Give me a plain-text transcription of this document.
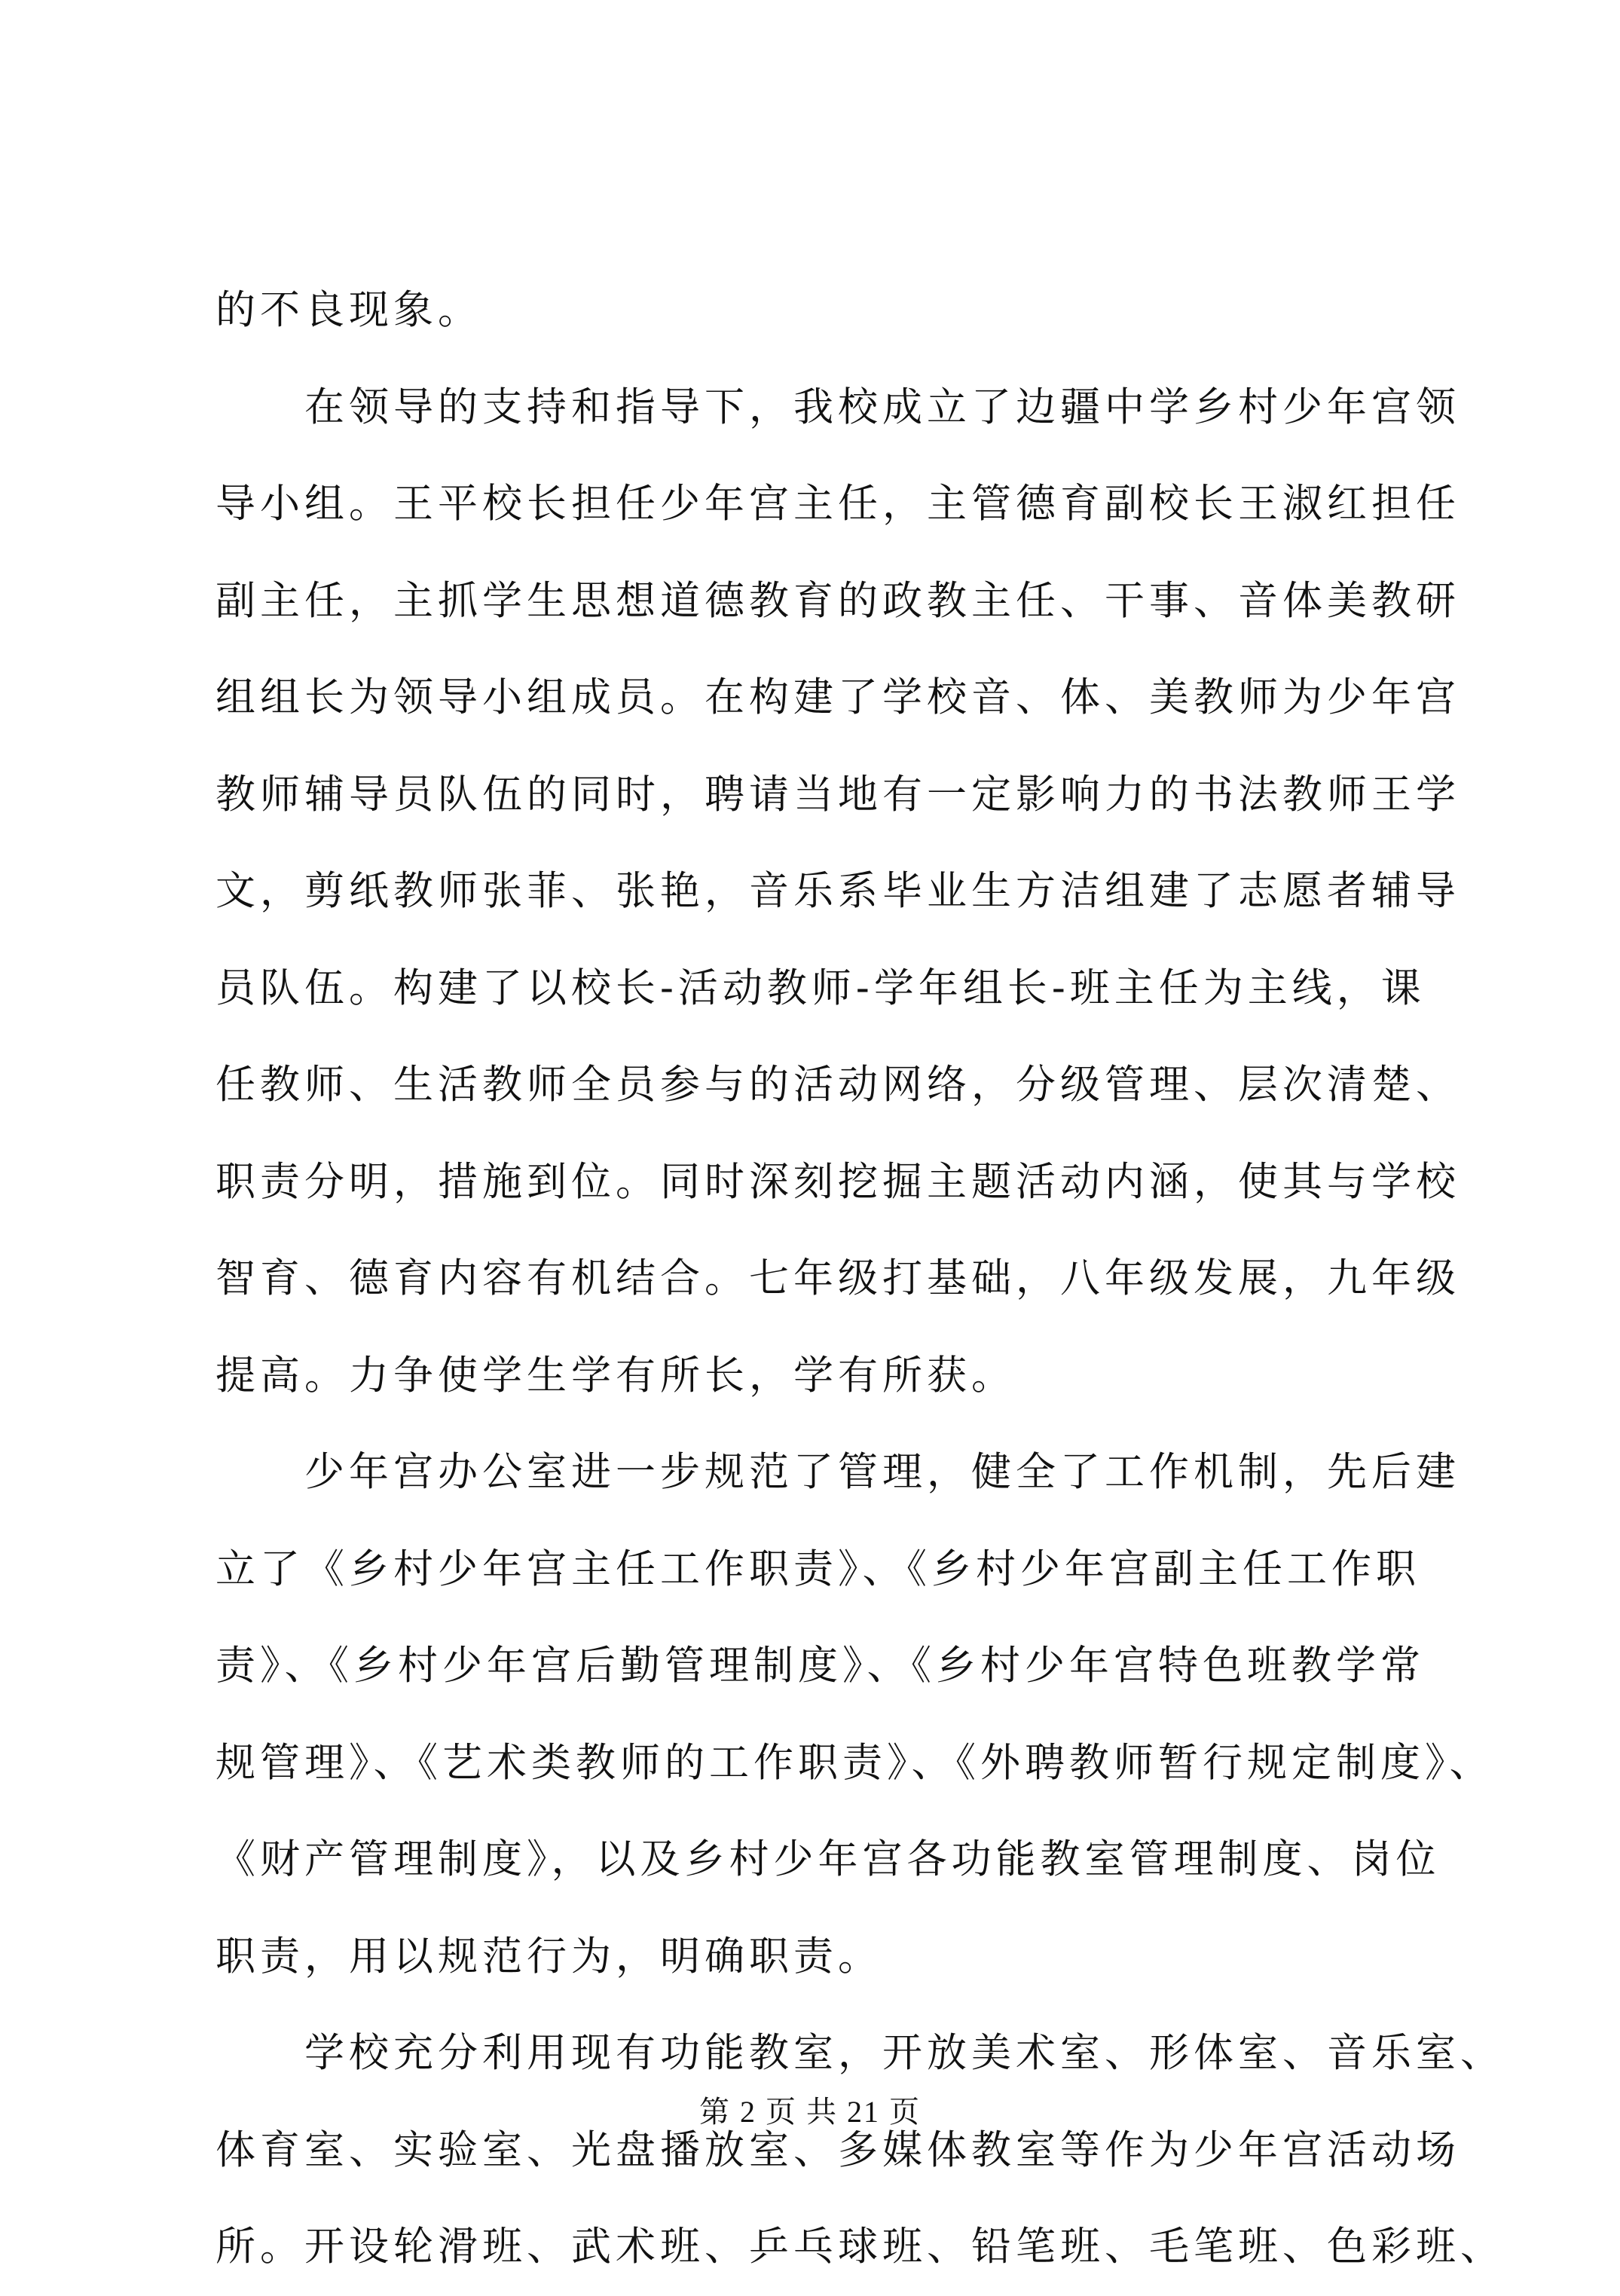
的不良现象。
　　在领导的支持和指导下，我校成立了边疆中学乡村少年宫领
导小组。王平校长担任少年宫主任，主管德育副校长王淑红担任
副主任，主抓学生思想道德教育的政教主任、干事、音体美教研
组组长为领导小组成员。在构建了学校音、体、美教师为少年宫
教师辅导员队伍的同时，聘请当地有一定影响力的书法教师王学
文，剪纸教师张菲、张艳，音乐系毕业生方洁组建了志愿者辅导
员队伍。构建了以校长-活动教师-学年组长-班主任为主线，课
任教师、生活教师全员参与的活动网络，分级管理、层次清楚、
职责分明，措施到位。同时深刻挖掘主题活动内涵，使其与学校
智育、德育内容有机结合。七年级打基础，八年级发展，九年级
提高。力争使学生学有所长，学有所获。
　　少年宫办公室进一步规范了管理，健全了工作机制，先后建
立了《乡村少年宫主任工作职责》、《乡村少年宫副主任工作职
责》、《乡村少年宫后勤管理制度》、《乡村少年宫特色班教学常
规管理》、《艺术类教师的工作职责》、《外聘教师暂行规定制度》、
《财产管理制度》，以及乡村少年宫各功能教室管理制度、岗位
职责，用以规范行为，明确职责。
　　学校充分利用现有功能教室，开放美术室、形体室、音乐室、
体育室、实验室、光盘播放室、多媒体教室等作为少年宫活动场
所。开设轮滑班、武术班、乒乓球班、铅笔班、毛笔班、色彩班、
第 2 页 共 21 页
